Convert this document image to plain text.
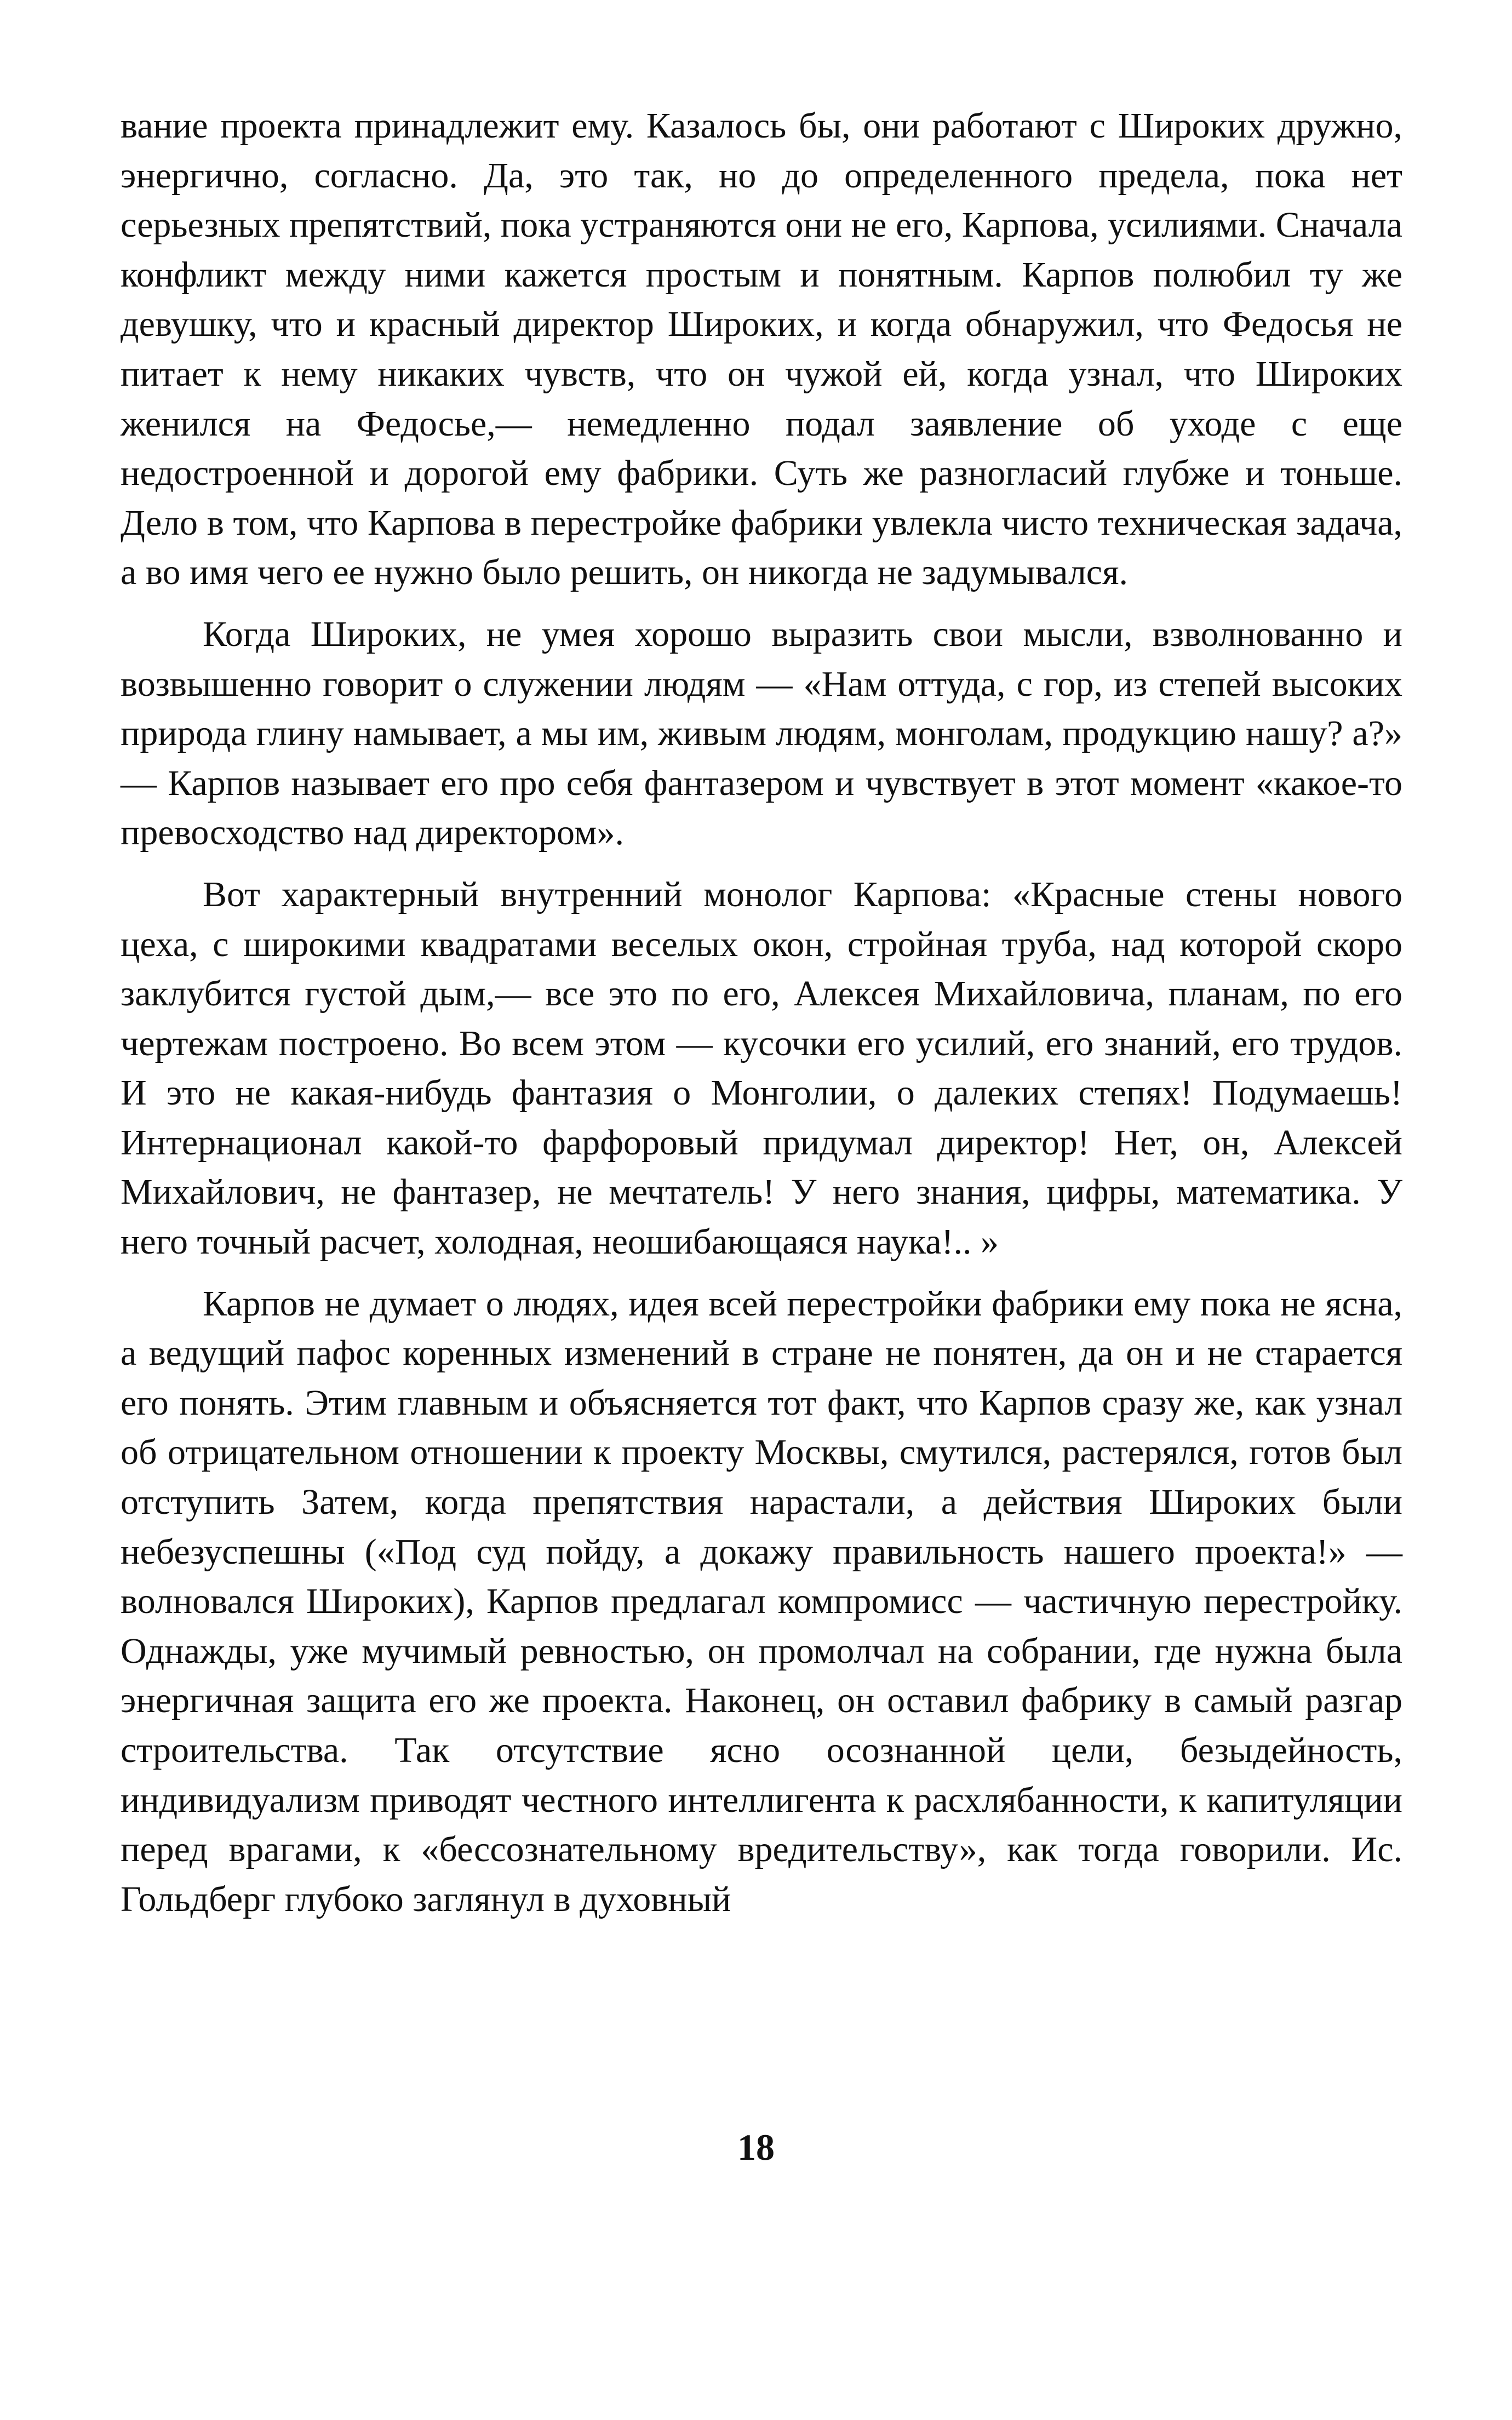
вание проекта принадлежит ему. Казалось бы, они работают с Широких дружно, энергично, согласно. Да, это так, но до определенного предела, пока нет серьезных препятствий, пока устраняются они не его, Карпова, усилиями. Сначала конфликт между ними кажется простым и понятным. Карпов полюбил ту же девушку, что и красный директор Широких, и когда обнаружил, что Федосья не питает к нему никаких чувств, что он чужой ей, когда узнал, что Широких женился на Федосье,— немедленно подал заявление об уходе с еще недостроенной и дорогой ему фабрики. Суть же разногласий глубже и тоньше. Дело в том, что Карпова в перестройке фабрики увлекла чисто техническая задача, а во имя чего ее нужно было решить, он никогда не задумывался.

Когда Широких, не умея хорошо выразить свои мысли, взволнованно и возвышенно говорит о служении людям — «Нам оттуда, с гор, из степей высоких природа глину намывает, а мы им, живым людям, монголам, продукцию нашу? а?» — Карпов называет его про себя фантазером и чувствует в этот момент «какое-то превосходство над директором».

Вот характерный внутренний монолог Карпова: «Красные стены нового цеха, с широкими квадратами веселых окон, стройная труба, над которой скоро заклубится густой дым,— все это по его, Алексея Михайловича, планам, по его чертежам построено. Во всем этом — кусочки его усилий, его знаний, его трудов. И это не какая-нибудь фантазия о Монголии, о далеких степях! Подумаешь! Интернационал какой-то фарфоровый придумал директор! Нет, он, Алексей Михайлович, не фантазер, не мечтатель! У него знания, цифры, математика. У него точный расчет, холодная, неошибающаяся наука!.. »

Карпов не думает о людях, идея всей перестройки фабрики ему пока не ясна, а ведущий пафос коренных изменений в стране не понятен, да он и не старается его понять. Этим главным и объясняется тот факт, что Карпов сразу же, как узнал об отрицательном отношении к проекту Москвы, смутился, растерялся, готов был отступить Затем, когда препятствия нарастали, а действия Широких были небезуспешны («Под суд пойду, а докажу правильность нашего проекта!» — волновался Широких), Карпов предлагал компромисс — частичную перестройку. Однажды, уже мучимый ревностью, он промолчал на собрании, где нужна была энергичная защита его же проекта. Наконец, он оставил фабрику в самый разгар строительства. Так отсутствие ясно осознанной цели, безыдейность, индивидуализм приводят честного интеллигента к расхлябанности, к капитуляции перед врагами, к «бессознательному вредительству», как тогда говорили. Ис. Гольдберг глубоко заглянул в духовный

18
